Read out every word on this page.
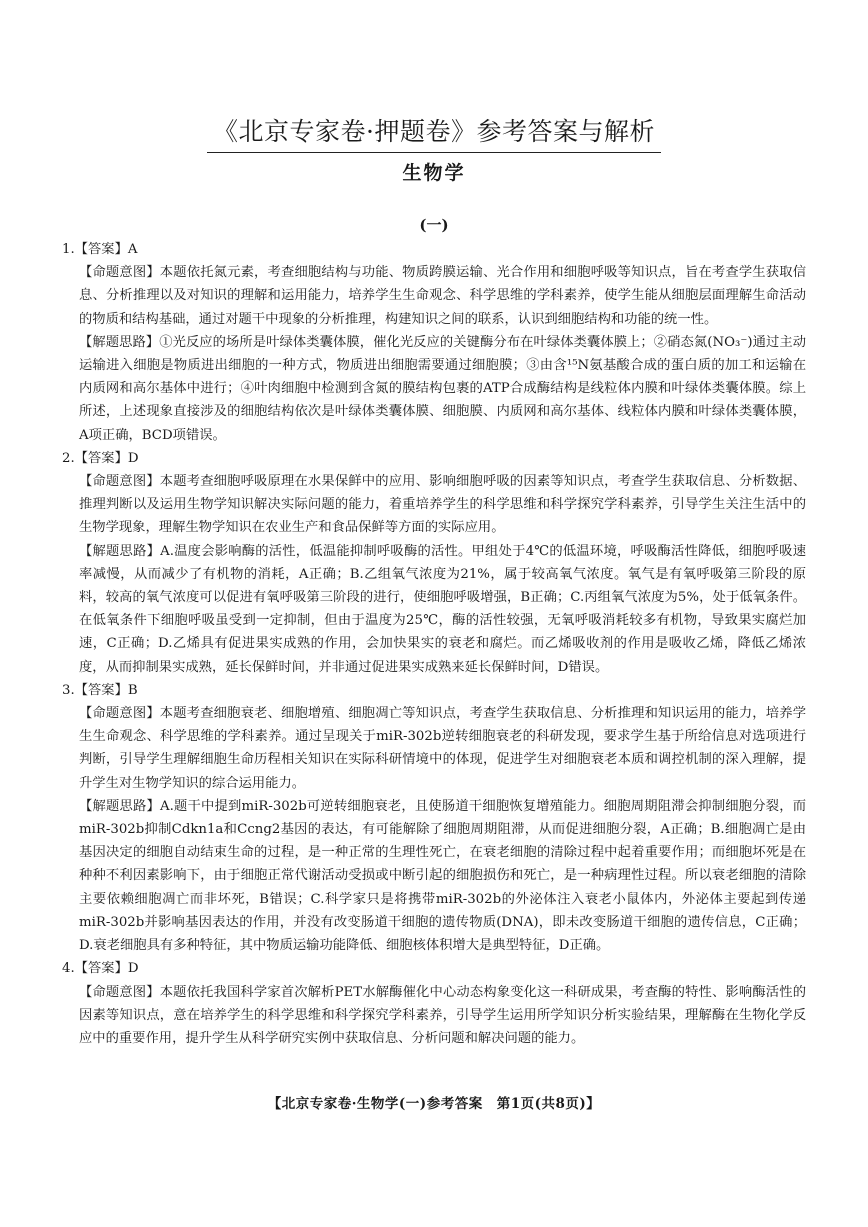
《北京专家卷·押题卷》参考答案与解析
生物学
(一)

1.【答案】A

【命题意图】本题依托氮元素，考查细胞结构与功能、物质跨膜运输、光合作用和细胞呼吸等知识点，旨在考查学生获取信息、分析推理以及对知识的理解和运用能力，培养学生生命观念、科学思维的学科素养，使学生能从细胞层面理解生命活动的物质和结构基础，通过对题干中现象的分析推理，构建知识之间的联系，认识到细胞结构和功能的统一性。

【解题思路】①光反应的场所是叶绿体类囊体膜，催化光反应的关键酶分布在叶绿体类囊体膜上；②硝态氮(NO₃⁻)通过主动运输进入细胞是物质进出细胞的一种方式，物质进出细胞需要通过细胞膜；③由含¹⁵N氨基酸合成的蛋白质的加工和运输在内质网和高尔基体中进行；④叶肉细胞中检测到含氮的膜结构包裹的ATP合成酶结构是线粒体内膜和叶绿体类囊体膜。综上所述，上述现象直接涉及的细胞结构依次是叶绿体类囊体膜、细胞膜、内质网和高尔基体、线粒体内膜和叶绿体类囊体膜，A项正确，BCD项错误。

2.【答案】D

【命题意图】本题考查细胞呼吸原理在水果保鲜中的应用、影响细胞呼吸的因素等知识点，考查学生获取信息、分析数据、推理判断以及运用生物学知识解决实际问题的能力，着重培养学生的科学思维和科学探究学科素养，引导学生关注生活中的生物学现象，理解生物学知识在农业生产和食品保鲜等方面的实际应用。

【解题思路】A.温度会影响酶的活性，低温能抑制呼吸酶的活性。甲组处于4℃的低温环境，呼吸酶活性降低，细胞呼吸速率减慢，从而减少了有机物的消耗，A正确；B.乙组氧气浓度为21%，属于较高氧气浓度。氧气是有氧呼吸第三阶段的原料，较高的氧气浓度可以促进有氧呼吸第三阶段的进行，使细胞呼吸增强，B正确；C.丙组氧气浓度为5%，处于低氧条件。在低氧条件下细胞呼吸虽受到一定抑制，但由于温度为25℃，酶的活性较强，无氧呼吸消耗较多有机物，导致果实腐烂加速，C正确；D.乙烯具有促进果实成熟的作用，会加快果实的衰老和腐烂。而乙烯吸收剂的作用是吸收乙烯，降低乙烯浓度，从而抑制果实成熟，延长保鲜时间，并非通过促进果实成熟来延长保鲜时间，D错误。

3.【答案】B

【命题意图】本题考查细胞衰老、细胞增殖、细胞凋亡等知识点，考查学生获取信息、分析推理和知识运用的能力，培养学生生命观念、科学思维的学科素养。通过呈现关于miR-302b逆转细胞衰老的科研发现，要求学生基于所给信息对选项进行判断，引导学生理解细胞生命历程相关知识在实际科研情境中的体现，促进学生对细胞衰老本质和调控机制的深入理解，提升学生对生物学知识的综合运用能力。

【解题思路】A.题干中提到miR-302b可逆转细胞衰老，且使肠道干细胞恢复增殖能力。细胞周期阻滞会抑制细胞分裂，而miR-302b抑制Cdkn1a和Ccng2基因的表达，有可能解除了细胞周期阻滞，从而促进细胞分裂，A正确；B.细胞凋亡是由基因决定的细胞自动结束生命的过程，是一种正常的生理性死亡，在衰老细胞的清除过程中起着重要作用；而细胞坏死是在种种不利因素影响下，由于细胞正常代谢活动受损或中断引起的细胞损伤和死亡，是一种病理性过程。所以衰老细胞的清除主要依赖细胞凋亡而非坏死，B错误；C.科学家只是将携带miR-302b的外泌体注入衰老小鼠体内，外泌体主要起到传递miR-302b并影响基因表达的作用，并没有改变肠道干细胞的遗传物质(DNA)，即未改变肠道干细胞的遗传信息，C正确；D.衰老细胞具有多种特征，其中物质运输功能降低、细胞核体积增大是典型特征，D正确。

4.【答案】D

【命题意图】本题依托我国科学家首次解析PET水解酶催化中心动态构象变化这一科研成果，考查酶的特性、影响酶活性的因素等知识点，意在培养学生的科学思维和科学探究学科素养，引导学生运用所学知识分析实验结果，理解酶在生物化学反应中的重要作用，提升学生从科学研究实例中获取信息、分析问题和解决问题的能力。

【北京专家卷·生物学(一)参考答案　第1页(共8页)】
